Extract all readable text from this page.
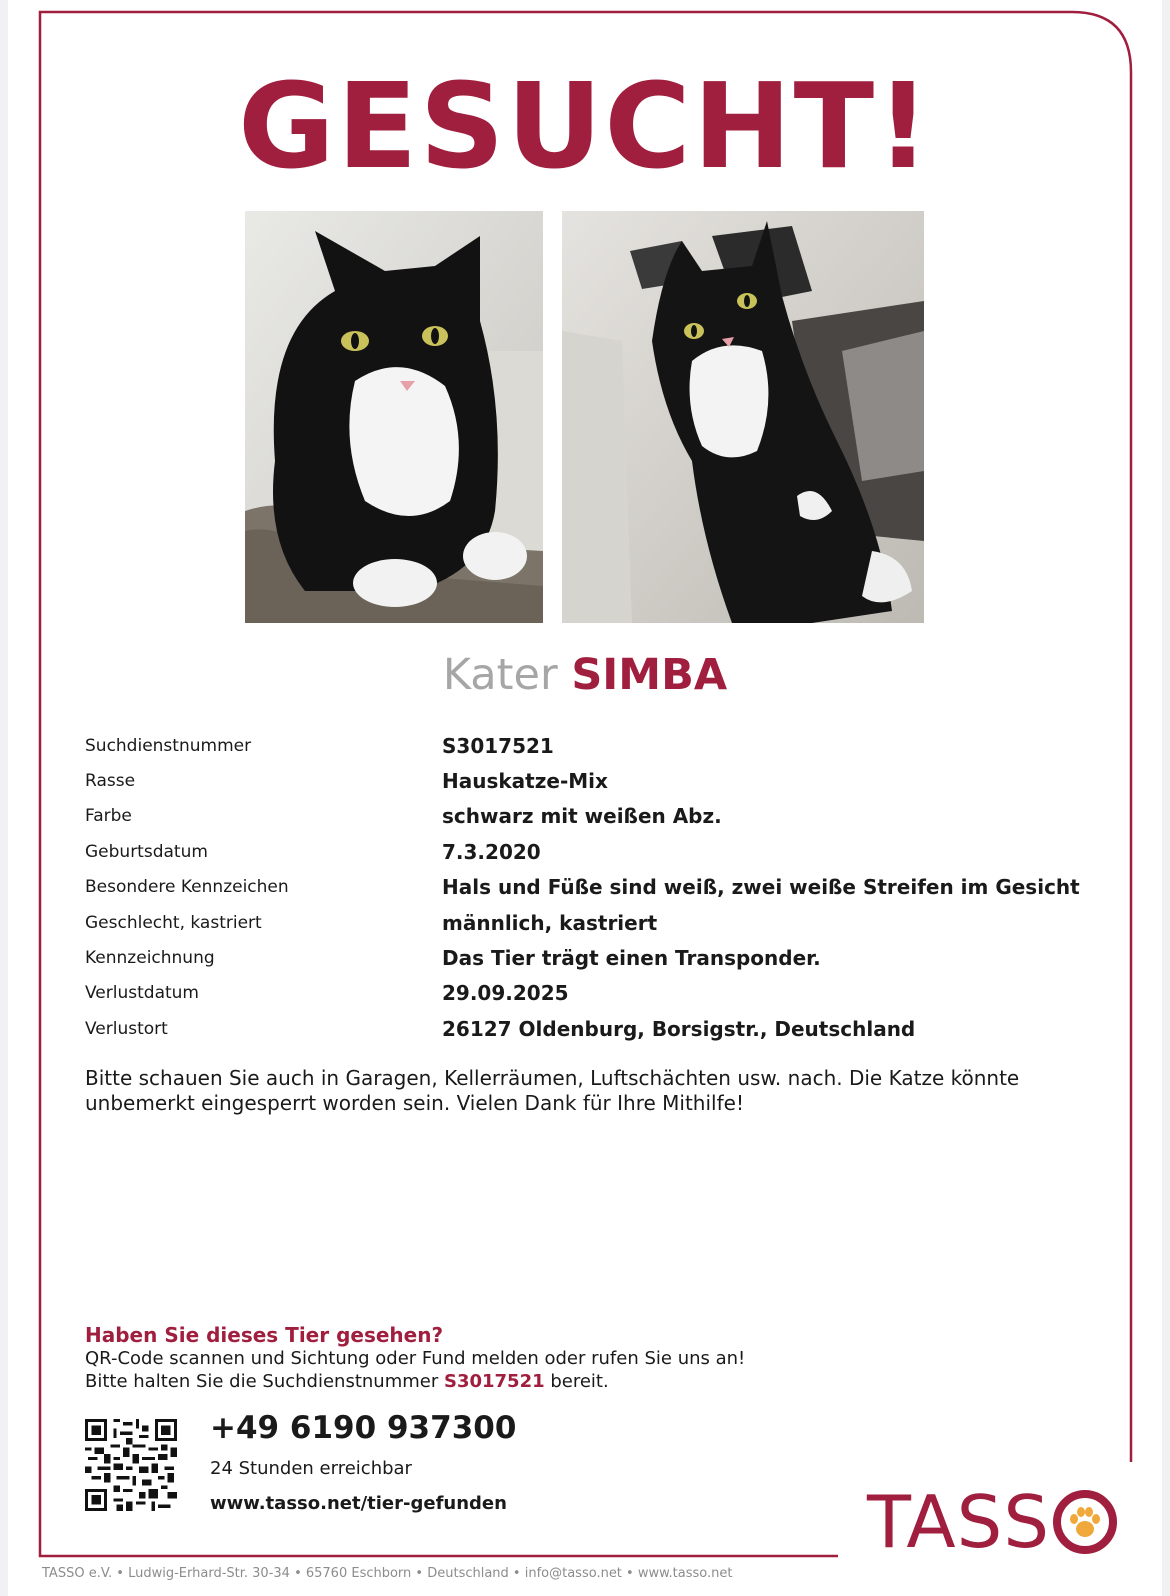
GESUCHT!
Kater SIMBA
Suchdienstnummer	S3017521
Rasse	Hauskatze-Mix
Farbe	schwarz mit weißen Abz.
Geburtsdatum	7.3.2020
Besondere Kennzeichen	Hals und Füße sind weiß, zwei weiße Streifen im Gesicht
Geschlecht, kastriert	männlich, kastriert
Kennzeichnung	Das Tier trägt einen Transponder.
Verlustdatum	29.09.2025
Verlustort	26127 Oldenburg, Borsigstr., Deutschland
Bitte schauen Sie auch in Garagen, Kellerräumen, Luftschächten usw. nach. Die Katze könnte
unbemerkt eingesperrt worden sein. Vielen Dank für Ihre Mithilfe!
Haben Sie dieses Tier gesehen?
QR-Code scannen und Sichtung oder Fund melden oder rufen Sie uns an!
Bitte halten Sie die Suchdienstnummer S3017521 bereit.
+49 6190 937300
24 Stunden erreichbar
www.tasso.net/tier-gefunden	TASS
TASSO e.V. • Ludwig-Erhard-Str. 30-34 • 65760 Eschborn • Deutschland • info@tasso.net • www.tasso.net
